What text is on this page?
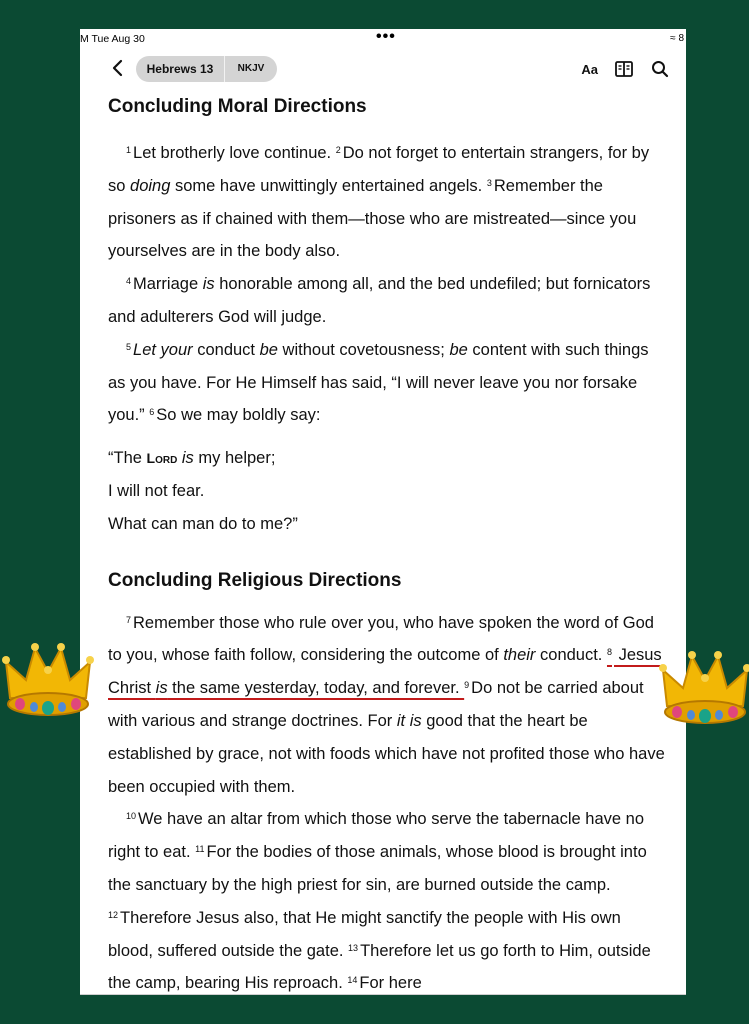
M Tue Aug 30	•••	≈ 8
Hebrews 13	NKJV	Aa
Concluding Moral Directions

$^1$ Let brotherly love continue. $^2$ Do not forget to entertain strangers, for by so doing some have unwittingly entertained angels. $^3$ Remember the prisoners as if chained with them—those who are mistreated—since you yourselves are in the body also.

$^4$ Marriage is honorable among all, and the bed undefiled; but fornicators and adulterers God will judge.

$^5$ Let your conduct be without covetousness; be content with such things as you have. For He Himself has said, “I will never leave you nor forsake you.” $^6$ So we may boldly say:

“The Lord is my helper;

I will not fear.

What can man do to me?”

Concluding Religious Directions

$^7$ Remember those who rule over you, who have spoken the word of God to you, whose faith follow, considering the outcome of their conduct. $^8$ Jesus Christ is the same yesterday, today, and forever. $^9$ Do not be carried about with various and strange doctrines. For it is good that the heart be established by grace, not with foods which have not profited those who have been occupied with them.

$^{10}$ We have an altar from which those who serve the tabernacle have no right to eat. $^{11}$ For the bodies of those animals, whose blood is brought into the sanctuary by the high priest for sin, are burned outside the camp. $^{12}$ Therefore Jesus also, that He might sanctify the people with His own blood, suffered outside the gate. $^{13}$ Therefore let us go forth to Him, outside the camp, bearing His reproach. $^{14}$ For here
